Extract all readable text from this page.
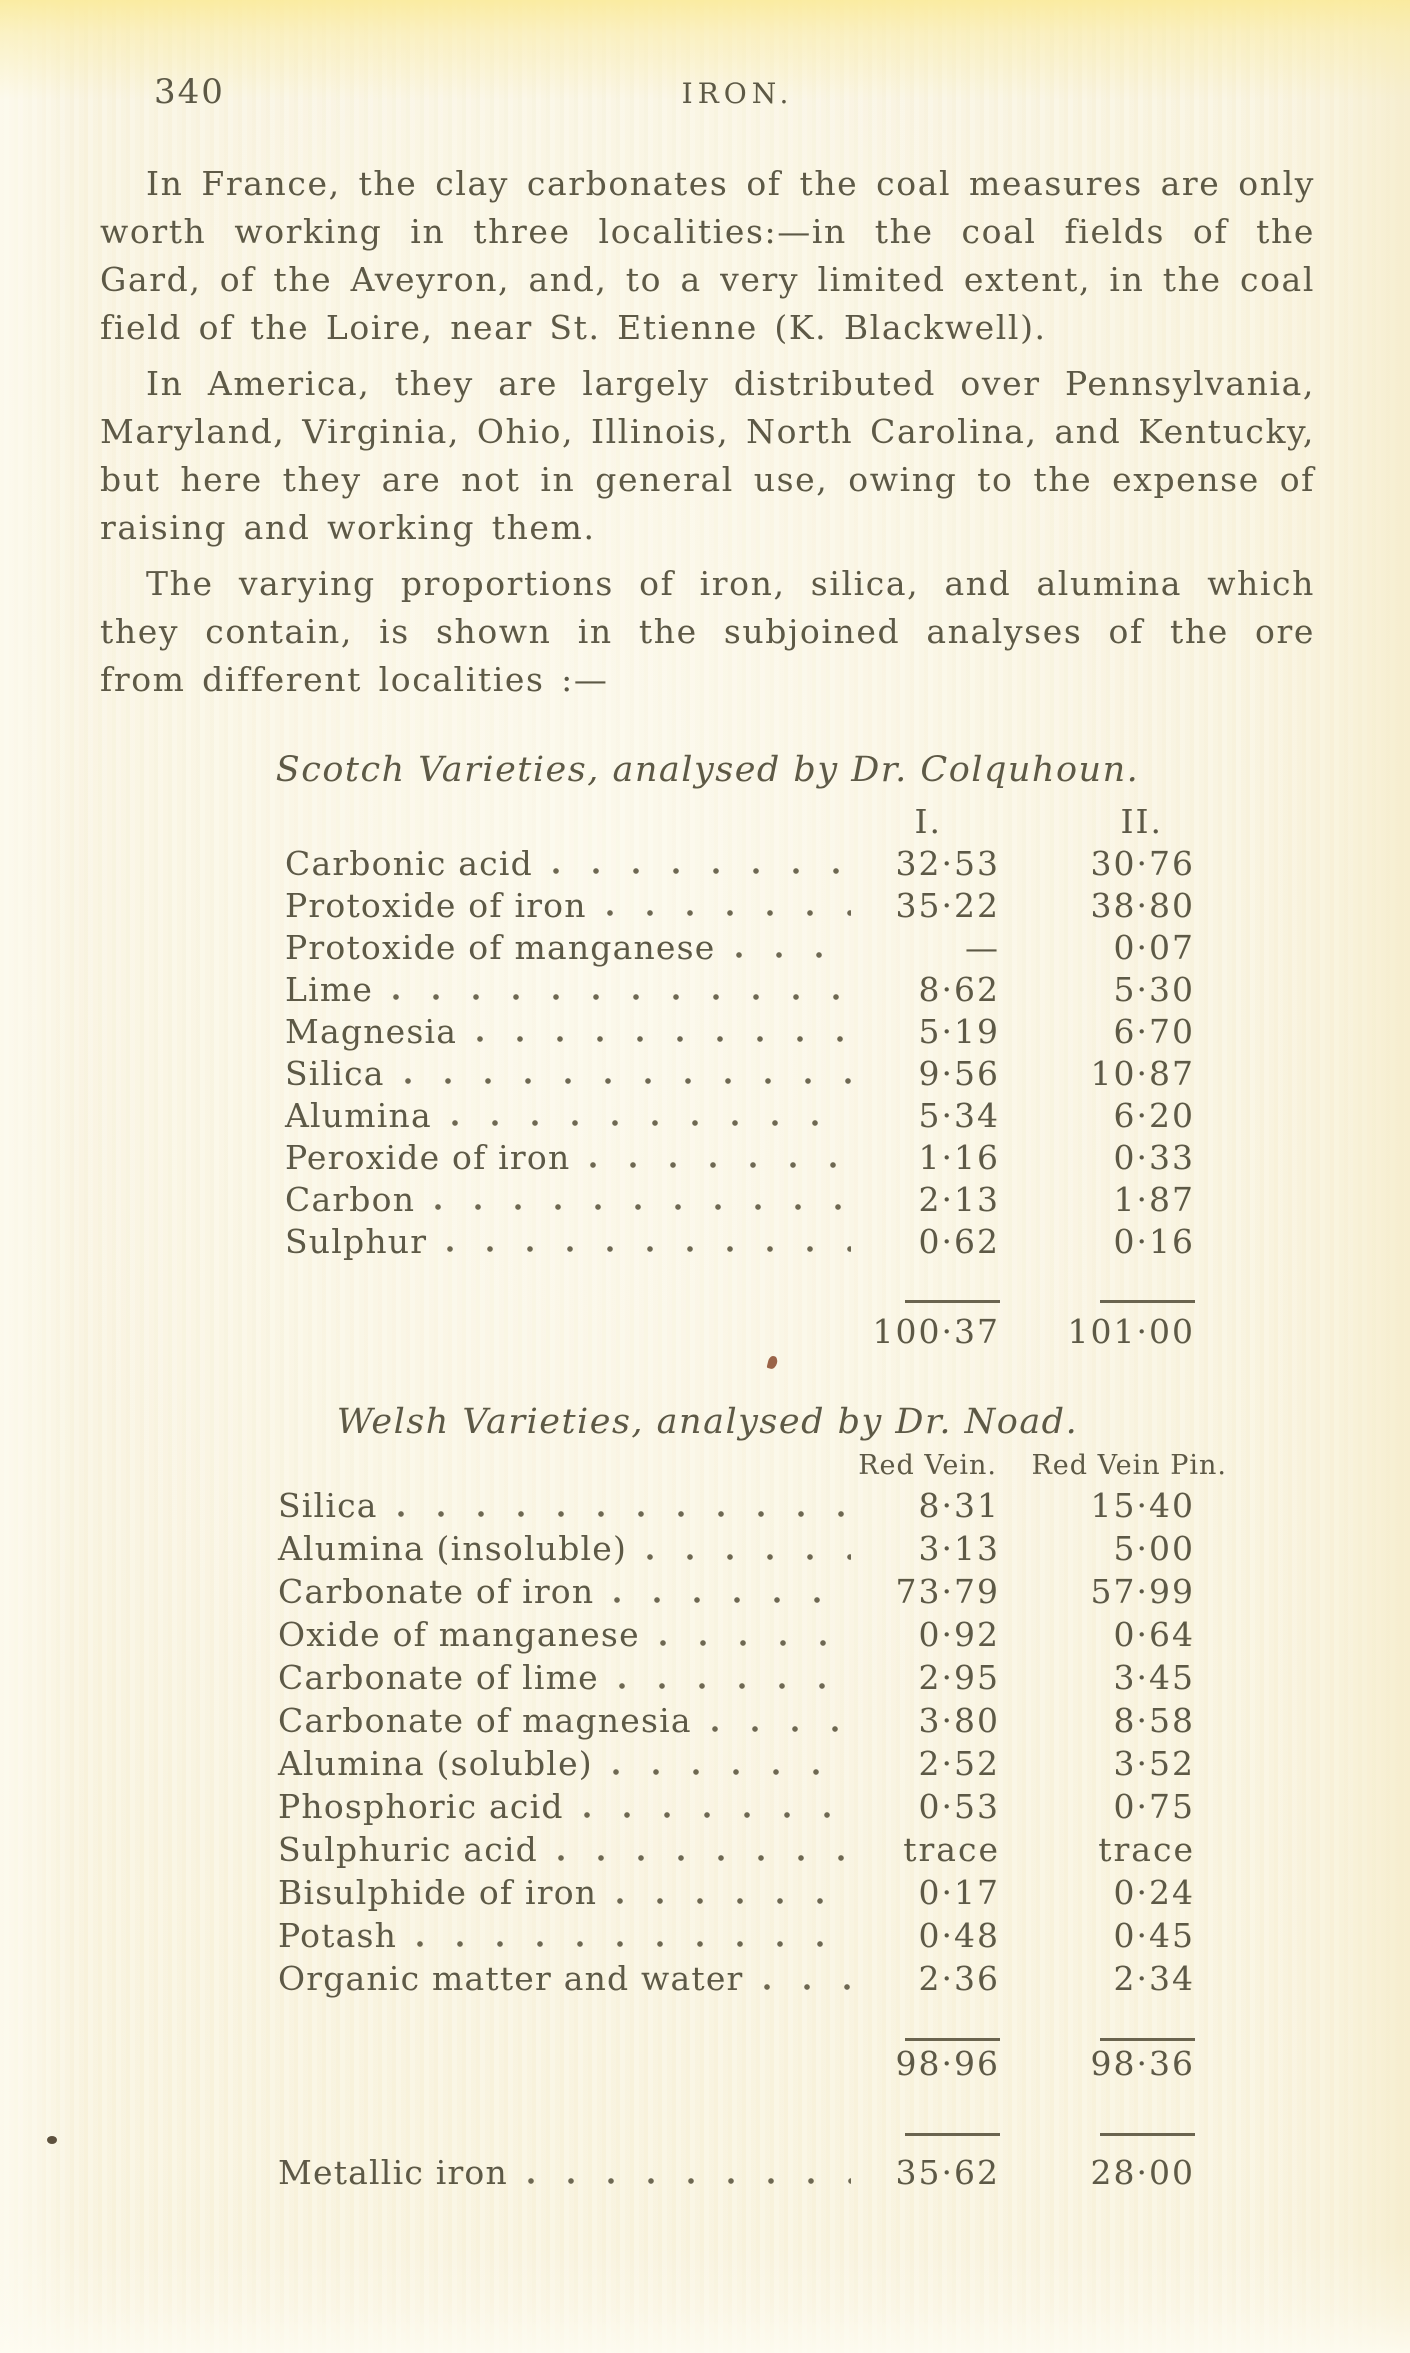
340	IRON.

In France, the clay carbonates of the coal measures are only worth working in three localities:—in the coal fields of the Gard, of the Aveyron, and, to a very limited extent, in the coal field of the Loire, near St. Etienne (K. Blackwell).

In America, they are largely distributed over Pennsylvania, Maryland, Virginia, Ohio, Illinois, North Carolina, and Kentucky, but here they are not in general use, owing to the expense of raising and working them.

The varying proportions of iron, silica, and alumina which they contain, is shown in the subjoined analyses of the ore from different localities :—

Scotch Varieties, analysed by Dr. Colquhoun.
I.	II.
Carbonic acid	32·53	30·76
Protoxide of iron	35·22	38·80
Protoxide of manganese	—	0·07
Lime	8·62	5·30
Magnesia	5·19	6·70
Silica	9·56	10·87
Alumina	5·34	6·20
Peroxide of iron	1·16	0·33
Carbon	2·13	1·87
Sulphur	0·62	0·16
100·37	101·00
Welsh Varieties, analysed by Dr. Noad.
Red Vein.	Red Vein Pin.
Silica	8·31	15·40
Alumina (insoluble)	3·13	5·00
Carbonate of iron	73·79	57·99
Oxide of manganese	0·92	0·64
Carbonate of lime	2·95	3·45
Carbonate of magnesia	3·80	8·58
Alumina (soluble)	2·52	3·52
Phosphoric acid	0·53	0·75
Sulphuric acid	trace	trace
Bisulphide of iron	0·17	0·24
Potash	0·48	0·45
Organic matter and water	2·36	2·34
98·96	98·36
Metallic iron	35·62	28·00
